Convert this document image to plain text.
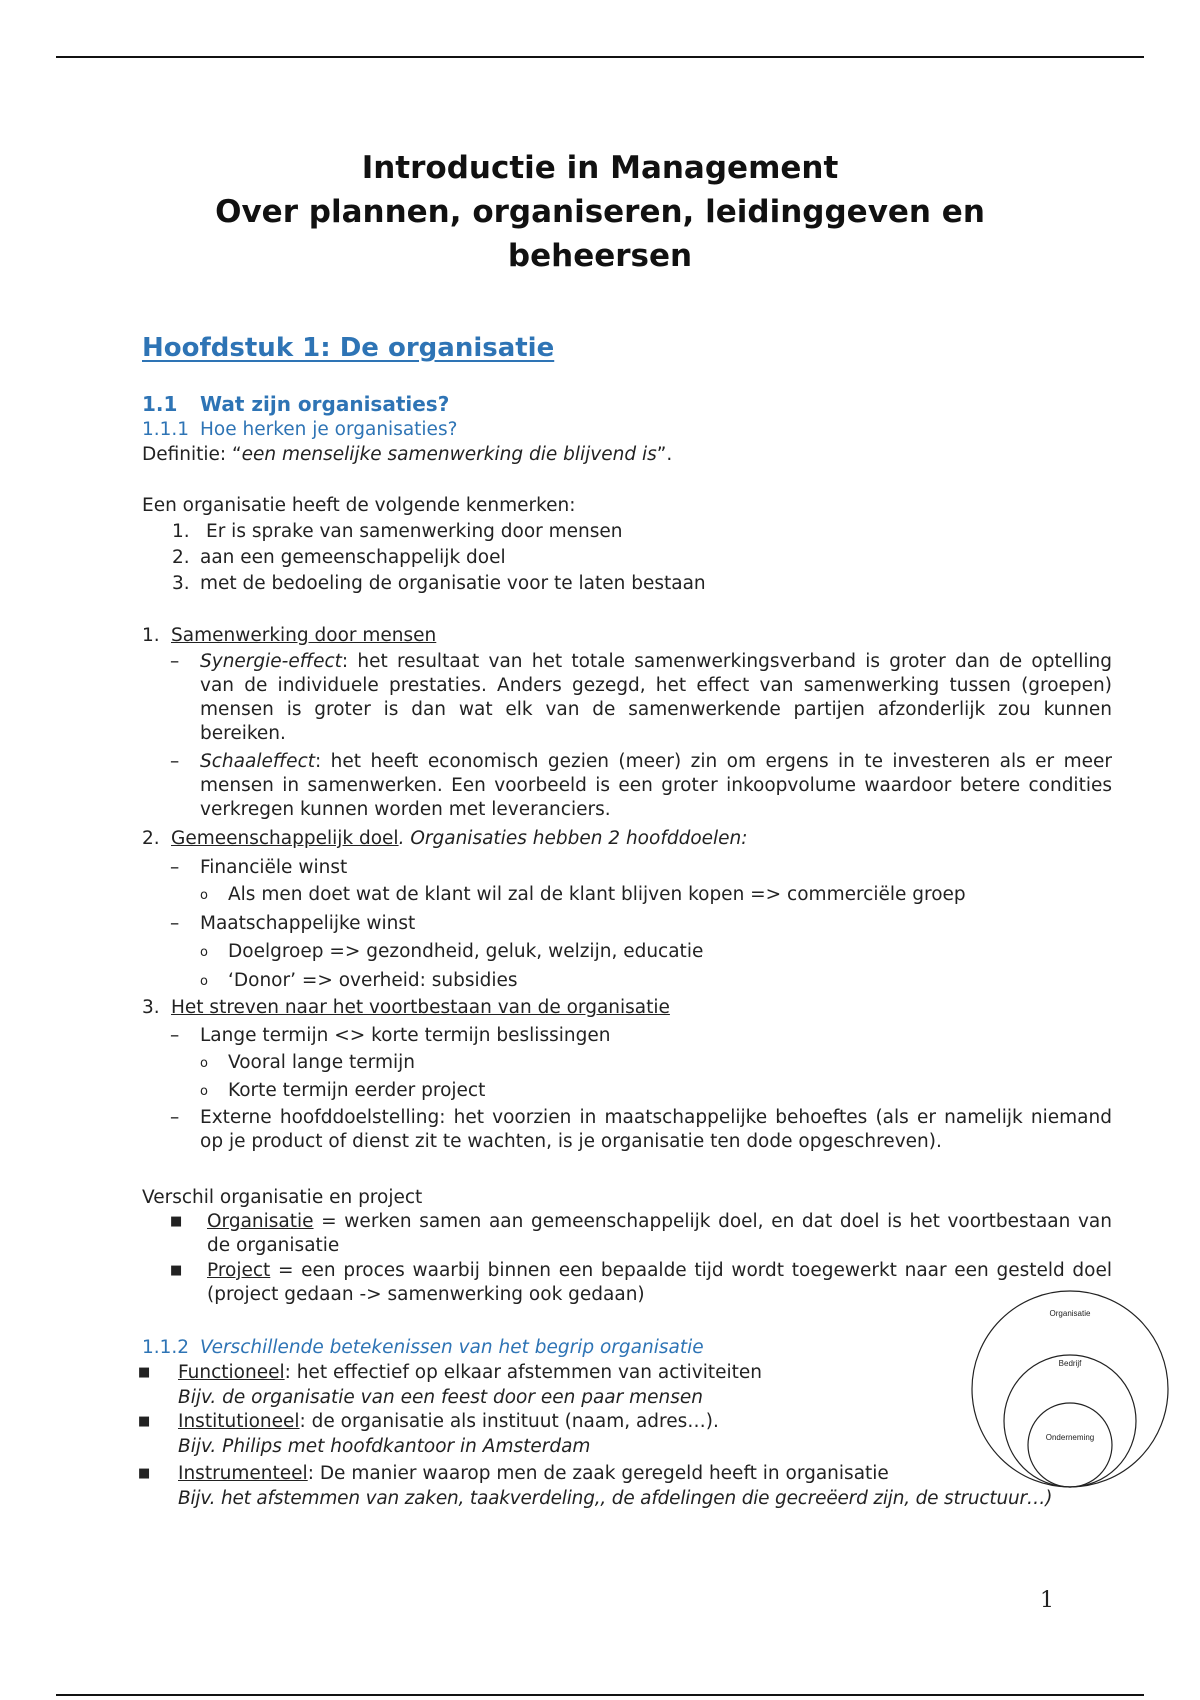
Introductie in Management
Over plannen, organiseren, leidinggeven en
beheersen
Hoofdstuk 1: De organisatie
1.1 Wat zijn organisaties?
1.1.1 Hoe herken je organisaties?
Definitie: “een menselijke samenwerking die blijvend is”.
Een organisatie heeft de volgende kenmerken:
1. Er is sprake van samenwerking door mensen
2. aan een gemeenschappelijk doel
3. met de bedoeling de organisatie voor te laten bestaan
1. Samenwerking door mensen
– Synergie-effect: het resultaat van het totale samenwerkingsverband is groter dan de optelling van de individuele prestaties. Anders gezegd, het effect van samenwerking tussen (groepen) mensen is groter is dan wat elk van de samenwerkende partijen afzonderlijk zou kunnen bereiken.
– Schaaleffect: het heeft economisch gezien (meer) zin om ergens in te investeren als er meer mensen in samenwerken. Een voorbeeld is een groter inkoopvolume waardoor betere condities verkregen kunnen worden met leveranciers.
2. Gemeenschappelijk doel. Organisaties hebben 2 hoofddoelen:
– Financiële winst
o Als men doet wat de klant wil zal de klant blijven kopen => commerciële groep
– Maatschappelijke winst
o Doelgroep => gezondheid, geluk, welzijn, educatie
o ‘Donor’ => overheid: subsidies
3. Het streven naar het voortbestaan van de organisatie
– Lange termijn <> korte termijn beslissingen
o Vooral lange termijn
o Korte termijn eerder project
– Externe hoofddoelstelling: het voorzien in maatschappelijke behoeftes (als er namelijk niemand op je product of dienst zit te wachten, is je organisatie ten dode opgeschreven).
Verschil organisatie en project
■ Organisatie = werken samen aan gemeenschappelijk doel, en dat doel is het voortbestaan van de organisatie
■ Project = een proces waarbij binnen een bepaalde tijd wordt toegewerkt naar een gesteld doel (project gedaan -> samenwerking ook gedaan)
1.1.2 Verschillende betekenissen van het begrip organisatie
■ Functioneel: het effectief op elkaar afstemmen van activiteiten
Bijv. de organisatie van een feest door een paar mensen
■ Institutioneel: de organisatie als instituut (naam, adres…).
Bijv. Philips met hoofdkantoor in Amsterdam
■ Instrumenteel: De manier waarop men de zaak geregeld heeft in organisatie
Bijv. het afstemmen van zaken, taakverdeling,, de afdelingen die gecreëerd zijn, de structuur…)
Organisatie
Bedrijf
Onderneming
1
